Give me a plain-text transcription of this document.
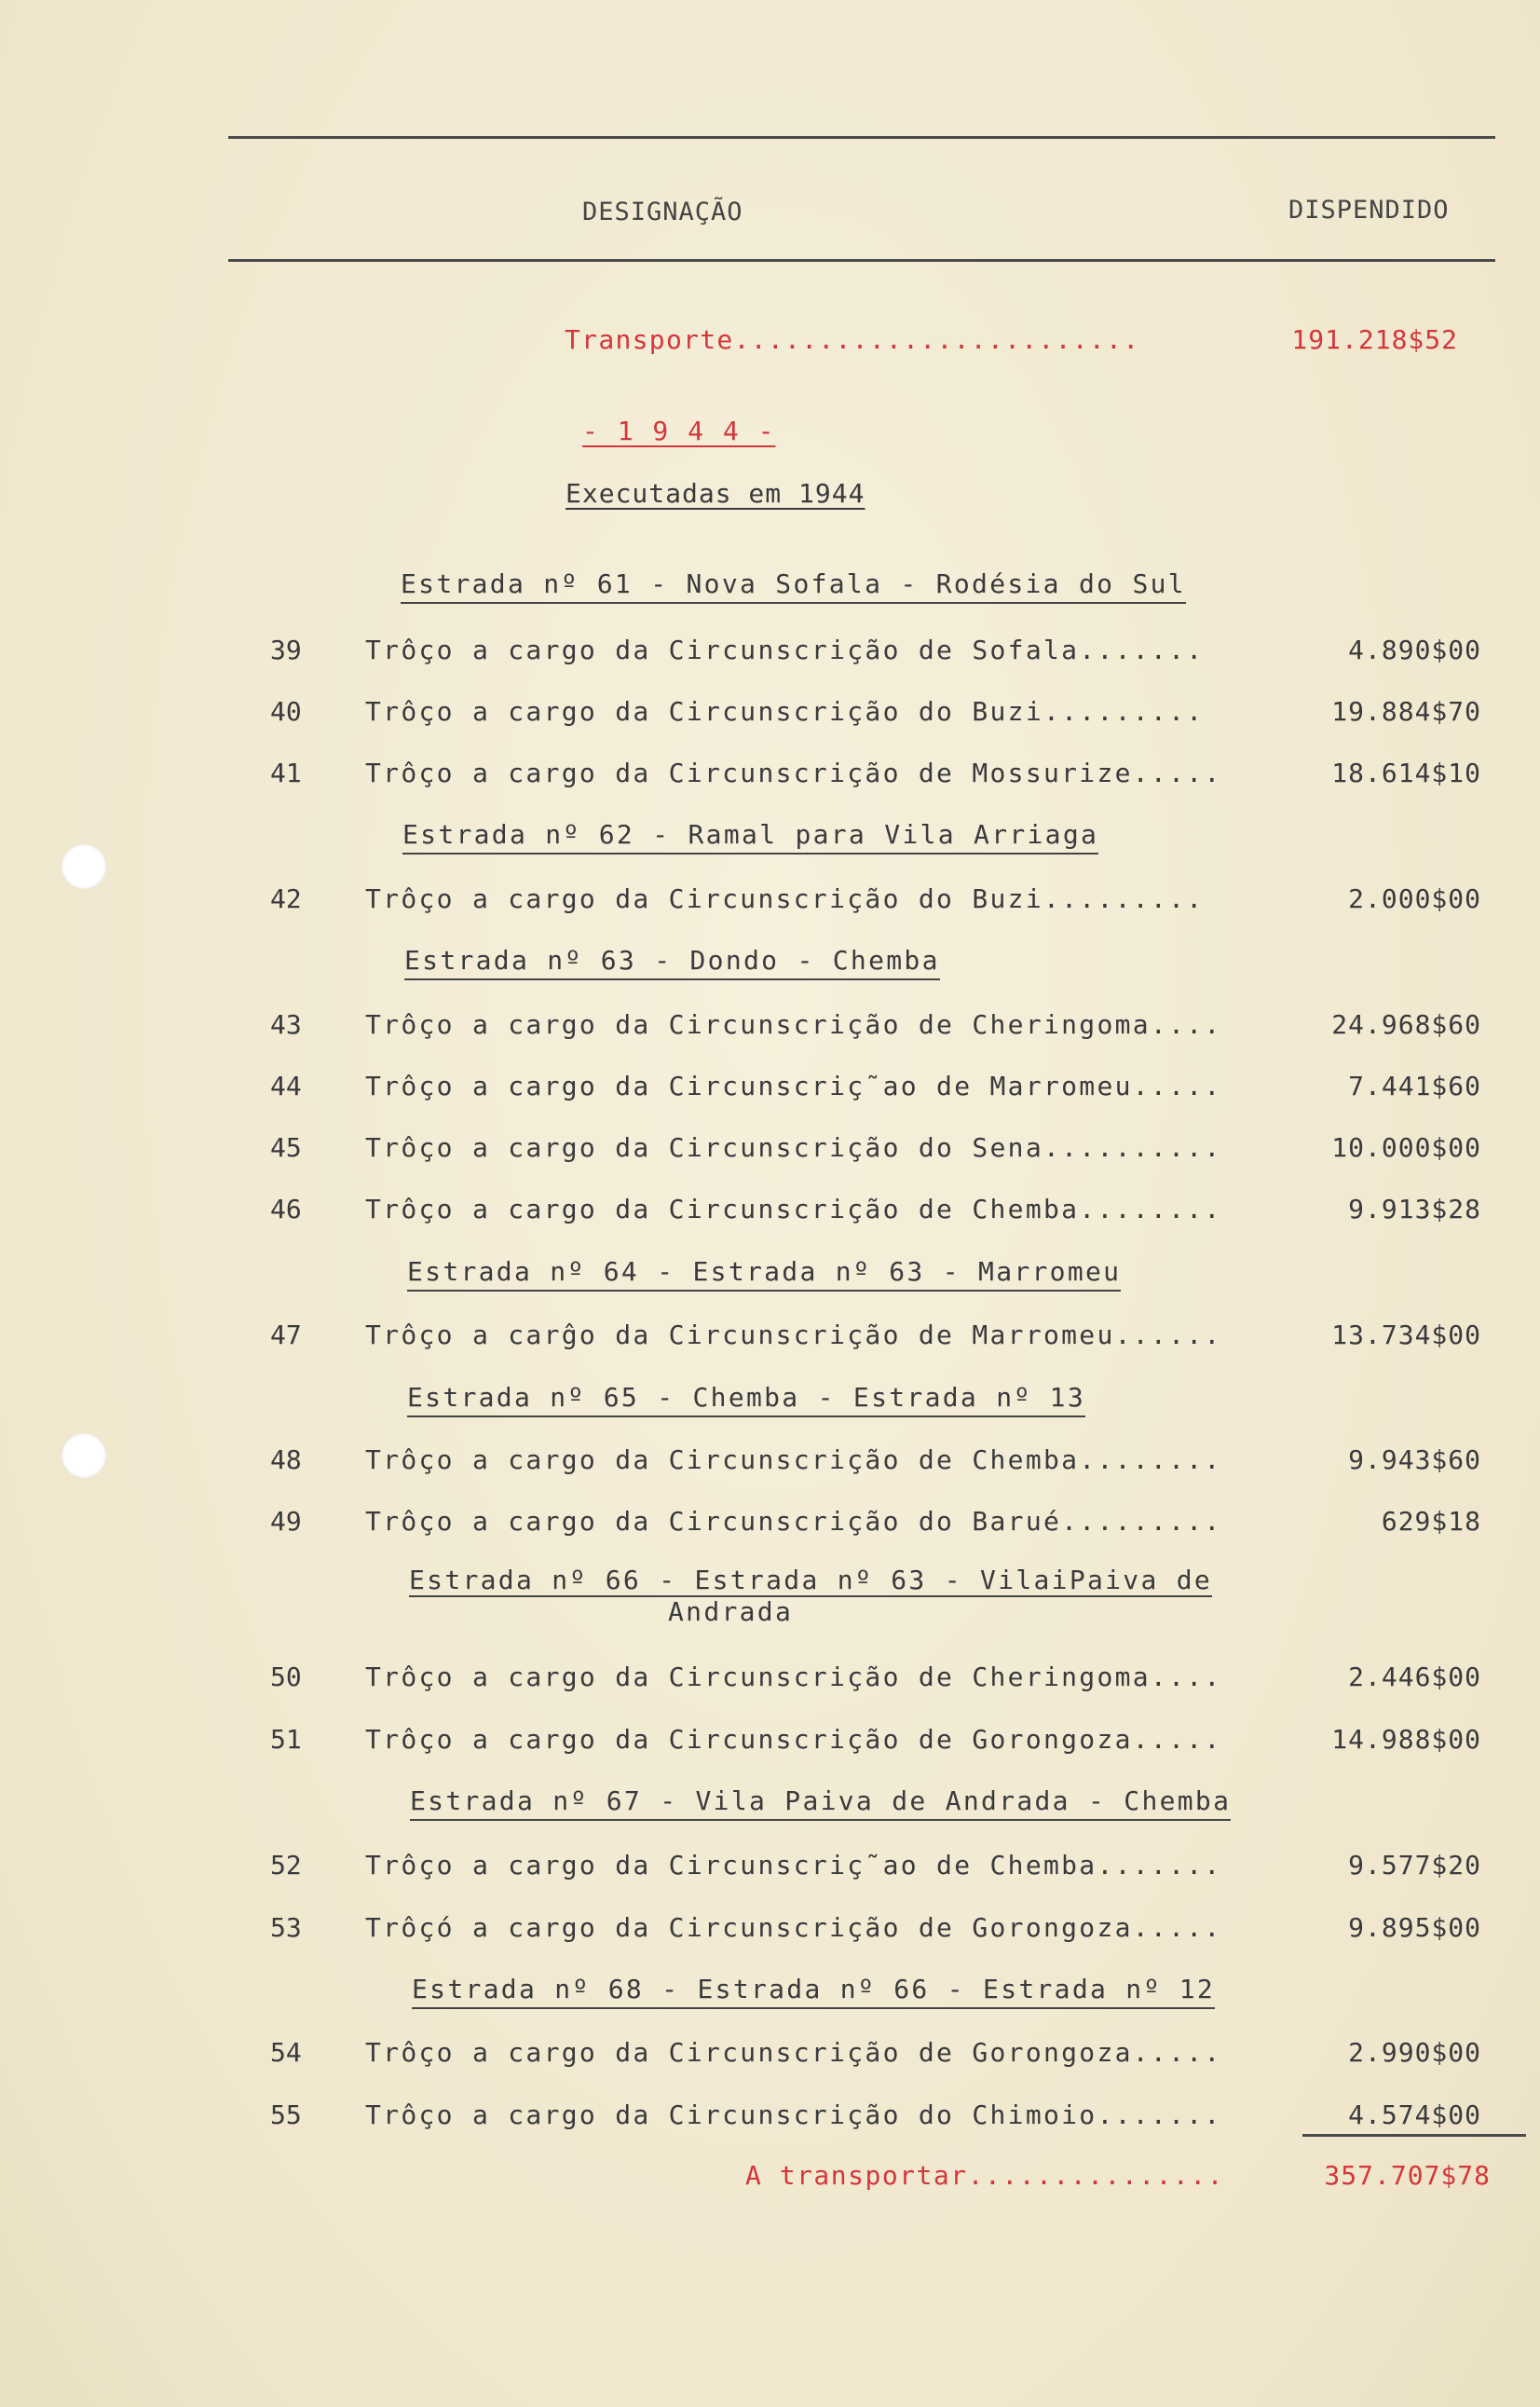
DESIGNAÇÃO	DISPENDIDO
Transporte........................	191.218$52
- 1 9 4 4 -
Executadas em 1944
Estrada nº 61 - Nova Sofala - Rodésia do Sul
39	Trôço a cargo da Circunscrição de Sofala.......	4.890$00
40	Trôço a cargo da Circunscrição do Buzi.........	19.884$70
41	Trôço a cargo da Circunscrição de Mossurize.....	18.614$10
Estrada nº 62 - Ramal para Vila Arriaga
42	Trôço a cargo da Circunscrição do Buzi.........	2.000$00
Estrada nº 63 - Dondo - Chemba
43	Trôço a cargo da Circunscrição de Cheringoma....	24.968$60
44	Trôço a cargo da Circunscriç˜ao de Marromeu.....	7.441$60
45	Trôço a cargo da Circunscrição do Sena..........	10.000$00
46	Trôço a cargo da Circunscrição de Chemba........	9.913$28
Estrada nº 64 - Estrada nº 63 - Marromeu
47	Trôço a carĝo da Circunscrição de Marromeu......	13.734$00
Estrada nº 65 - Chemba - Estrada nº 13
48	Trôço a cargo da Circunscrição de Chemba........	9.943$60
49	Trôço a cargo da Circunscrição do Barué.........	629$18
Estrada nº 66 - Estrada nº 63 - VilaiPaiva de
Andrada
50	Trôço a cargo da Circunscrição de Cheringoma....	2.446$00
51	Trôço a cargo da Circunscrição de Gorongoza.....	14.988$00
Estrada nº 67 - Vila Paiva de Andrada - Chemba
52	Trôço a cargo da Circunscriç˜ao de Chemba.......	9.577$20
53	Trôçó a cargo da Circunscrição de Gorongoza.....	9.895$00
Estrada nº 68 - Estrada nº 66 - Estrada nº 12
54	Trôço a cargo da Circunscrição de Gorongoza.....	2.990$00
55	Trôço a cargo da Circunscrição do Chimoio.......	4.574$00
A transportar...............	357.707$78
